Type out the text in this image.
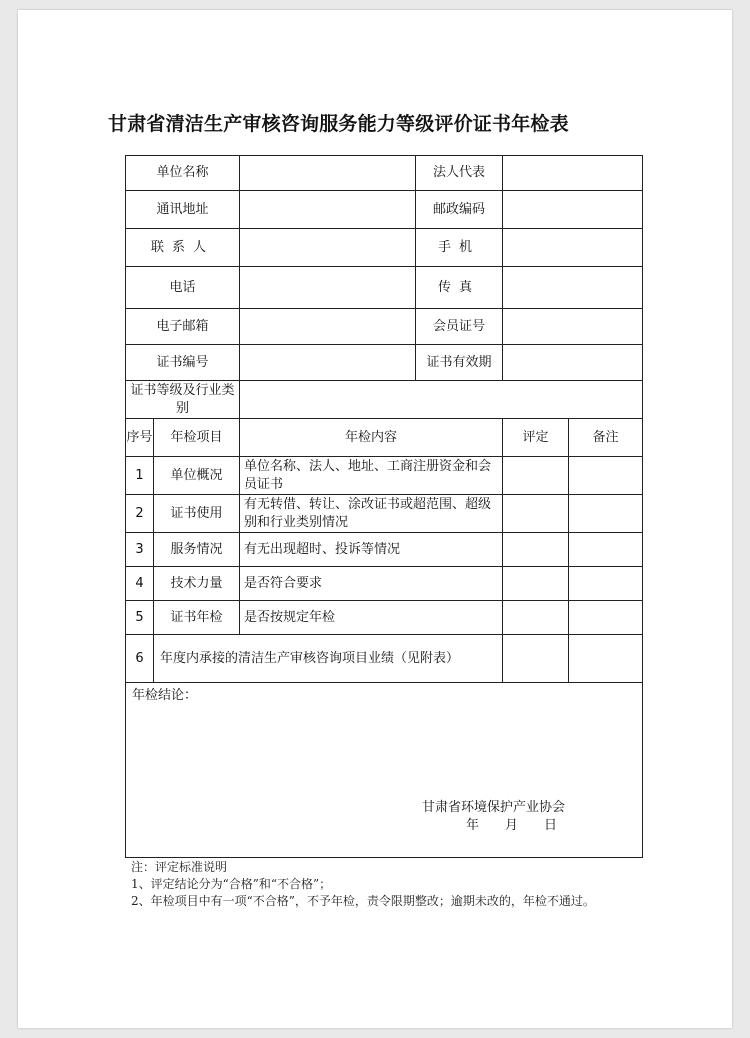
甘肃省清洁生产审核咨询服务能力等级评价证书年检表
单位名称			法人代表		
通讯地址			邮政编码		
联系人			手机		
电话			传真		
电子邮箱			会员证号		
证书编号			证书有效期		
证书等级及行业类别					
序号	年检项目	年检内容		评定	备注
1	单位概况	单位名称、法人、地址、工商注册资金和会员证书			
2	证书使用	有无转借、转让、涂改证书或超范围、超级别和行业类别情况			
3	服务情况	有无出现超时、投诉等情况			
4	技术力量	是否符合要求			
5	证书年检	是否按规定年检			
6	年度内承接的清洁生产审核咨询项目业绩（见附表）				

年检结论：
甘肃省环境保护产业协会
年　　月　　日					
注：评定标准说明
1、评定结论分为“合格”和“不合格”；
2、年检项目中有一项“不合格”，不予年检，责令限期整改；逾期未改的，年检不通过。
